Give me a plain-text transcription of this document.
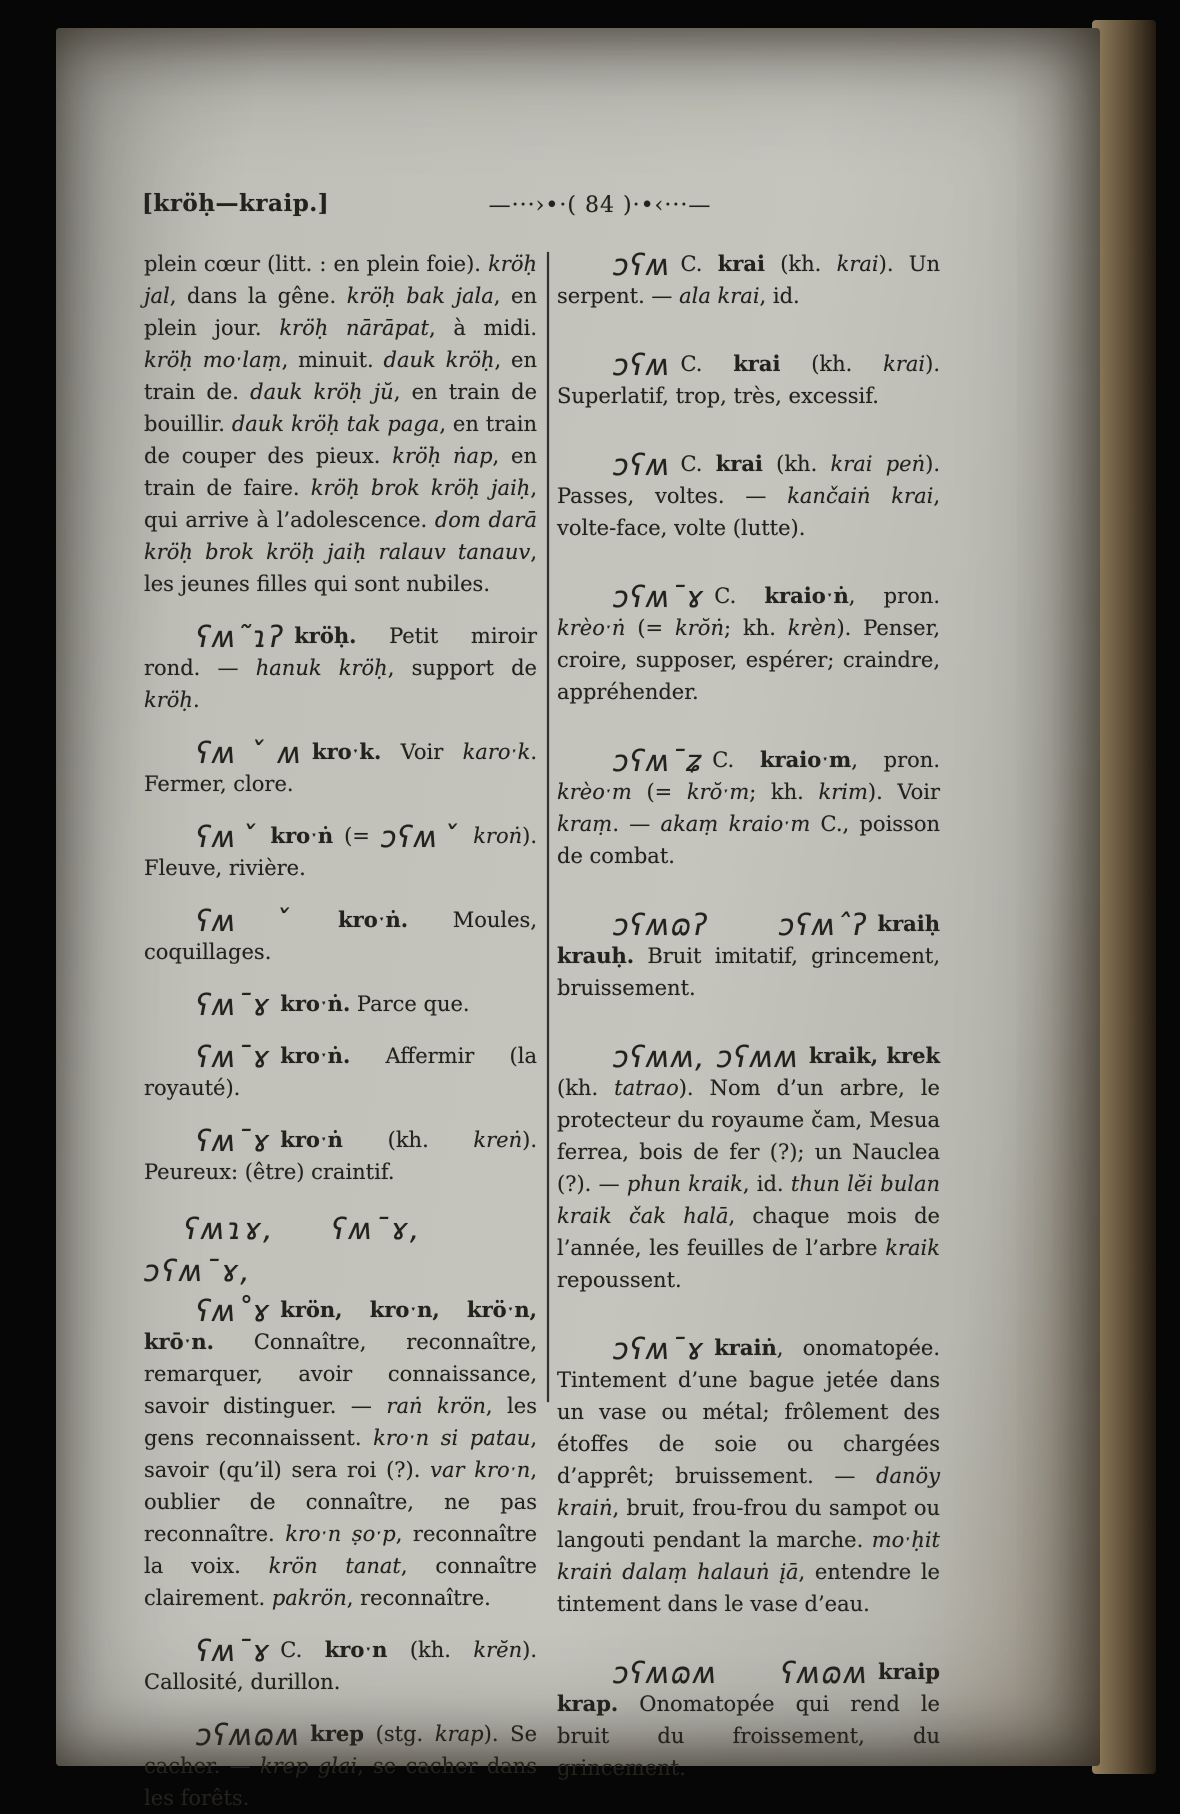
[kröḥ—kraip.]	—···›•·( 84 )·•‹···—

plein cœur (litt. : en plein foie). kröḥ jal, dans la gêne. kröḥ bak jala, en plein jour. kröḥ nārāpat, à midi. kröḥ moˑlaṃ, minuit. dauk kröḥ, en train de. dauk kröḥ jŭ, en train de bouillir. dauk kröḥ tak paga, en train de couper des pieux. kröḥ ṅap, en train de faire. kröḥ brok kröḥ jaiḥ, qui arrive à l’adolescence. dom darā kröḥ brok kröḥ jaiḥ ralauv tanauv, les jeunes filles qui sont nubiles.

ʕʍ˜ɿʔ kröḥ. Petit miroir rond. — hanuk kröḥ, support de kröḥ.

ʕʍˇʍ kroˑk. Voir karoˑk. Fermer, clore.

ʕʍˇ kroˑṅ (= ɔʕʍˇ kroṅ). Fleuve, rivière.

ʕʍˇ kroˑṅ. Moules, coquillages.

ʕʍˉɤ kroˑṅ. Parce que.

ʕʍˉɤ kroˑṅ. Affermir (la royauté).

ʕʍˉɤ kroˑṅ (kh. kreṅ). Peureux: (être) craintif.

ʕʍɿɤ, ʕʍˉɤ, ɔʕʍˉɤ,

ʕʍ˚ɤ krön, kroˑn, kröˑn, krōˑn. Connaître, reconnaître, remarquer, avoir connaissance, savoir distinguer. — raṅ krön, les gens reconnaissent. kroˑn si patau, savoir (qu’il) sera roi (?). var kroˑn, oublier de connaître, ne pas reconnaître. kroˑn ṣoˑp, reconnaître la voix. krön tanat, connaître clairement. pakrön, reconnaître.

ʕʍˉɤ C. kroˑn (kh. krĕn). Callosité, durillon.

ɔʕʍɷʍ krep (stg. krap). Se cacher. — krep glai, se cacher dans les forêts.

ɔʕʍ C. krai (kh. krai). Un serpent. — ala krai, id.

ɔʕʍ C. krai (kh. krai). Superlatif, trop, très, excessif.

ɔʕʍ C. krai (kh. krai peṅ). Passes, voltes. — kančaiṅ krai, volte-face, volte (lutte).

ɔʕʍˉɤ C. kraioˑṅ, pron. krèoˑṅ (= krŏṅ; kh. krèn). Penser, croire, supposer, espérer; craindre, appréhender.

ɔʕʍˉʑ C. kraioˑm, pron. krèoˑm (= krŏˑm; kh. krim). Voir kraṃ. — akaṃ kraioˑm C., poisson de combat.

ɔʕʍɷʔ ɔʕʍˆʔ kraiḥ krauḥ. Bruit imitatif, grincement, bruissement.

ɔʕʍʍ, ɔʕʍʍ kraik, krek (kh. tatrao). Nom d’un arbre, le protecteur du royaume čam, Mesua ferrea, bois de fer (?); un Nauclea (?). — phun kraik, id. thun lĕi bulan kraik čak halā, chaque mois de l’année, les feuilles de l’arbre kraik repoussent.

ɔʕʍˉɤ kraiṅ, onomatopée. Tintement d’une bague jetée dans un vase ou métal; frôlement des étoffes de soie ou chargées d’apprêt; bruissement. — danöy kraiṅ, bruit, frou-frou du sampot ou langouti pendant la marche. moˑḥit kraiṅ dalaṃ halauṅ įā, entendre le tintement dans le vase d’eau.

ɔʕʍɷʍ ʕʍɷʍ kraip krap. Onomatopée qui rend le bruit du froissement, du grincement.
